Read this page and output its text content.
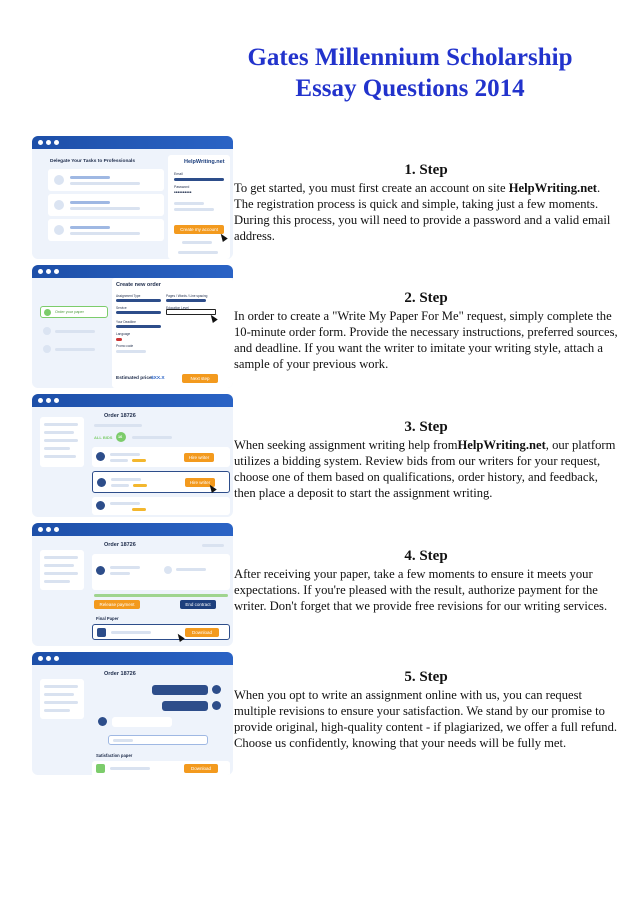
Gates Millennium Scholarship
Essay Questions 2014
Delegate Your Tasks to Professionals	HelpWriting.net
Email
Password
••••••••••
Create my account
Order your paper
Create new order
Assignment Type	Pages / Words / Line spacing
Service	Education Level
Your Deadline
Language
Promo code
Estimated price $XX.X	Next step
Order 18726
ALL BIDS 16
Hire writer
Hire writer
Order 18726
Release payment	End contract
Final Paper
Download
Order 18726
Satisfaction paper
Download
1. Step

To get started, you must first create an account on site HelpWriting.net. The registration process is quick and simple, taking just a few moments. During this process, you will need to provide a password and a valid email address.

2. Step

In order to create a "Write My Paper For Me" request, simply complete the 10-minute order form. Provide the necessary instructions, preferred sources, and deadline. If you want the writer to imitate your writing style, attach a sample of your previous work.

3. Step

When seeking assignment writing help fromHelpWriting.net, our platform utilizes a bidding system. Review bids from our writers for your request, choose one of them based on qualifications, order history, and feedback, then place a deposit to start the assignment writing.

4. Step

After receiving your paper, take a few moments to ensure it meets your expectations. If you're pleased with the result, authorize payment for the writer. Don't forget that we provide free revisions for our writing services.

5. Step

When you opt to write an assignment online with us, you can request multiple revisions to ensure your satisfaction. We stand by our promise to provide original, high-quality content - if plagiarized, we offer a full refund. Choose us confidently, knowing that your needs will be fully met.
